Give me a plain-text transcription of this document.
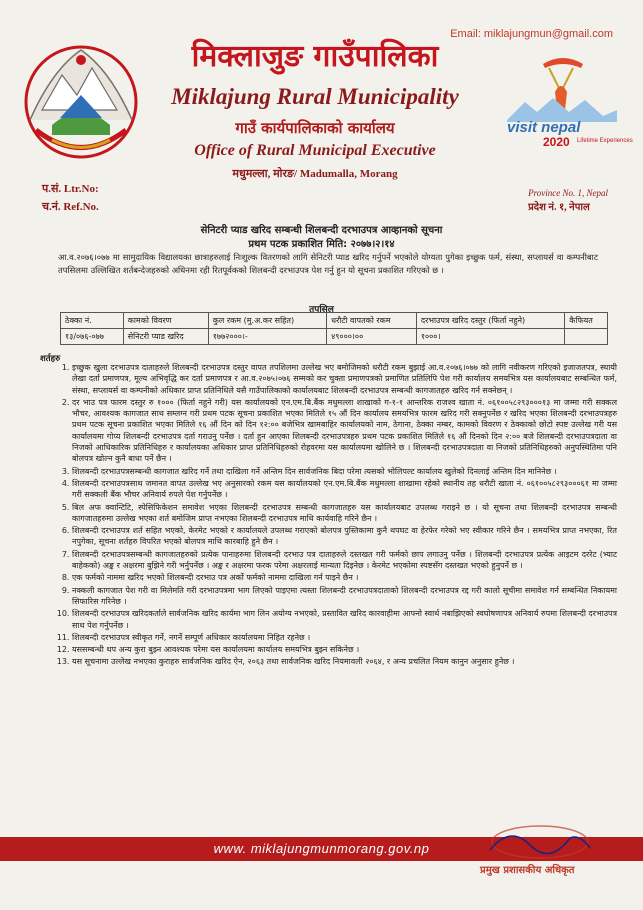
Email: miklajungmun@gmail.com
मिक्लाजुङ गाउँपालिका
Miklajung Rural Municipality
गाउँ कार्यपालिकाको कार्यालय
Office of Rural Municipal Executive
मधुमल्ला, मोरङ/ Madumalla, Morang
visit nepal
2020 Lifetime Experiences
प.सं. Ltr.No:
च.नं. Ref.No.
Province No. 1, Nepal
प्रदेश नं. १, नेपाल
सेनिटरी प्याड खरिद सम्बन्धी शिलबन्दी दरभाउपत्र आव्हानको सूचना
प्रथम पटक प्रकाशित मिति: २०७७।२।१४
आ.व.२०७६।०७७ मा सामुदायिक विद्यालयका छात्राहरुलाई निःशुल्क वितरणको लागि सेनिटरी प्याड खरिद गर्नुपर्ने भएकोले योग्यता पुगेका इच्छुक फर्म, संस्था, सप्लायर्स वा कम्पनीबाट तपसिलमा उल्लिखित शर्तबन्देजहरुको अधिनमा रही रितपूर्वकको शिलबन्दी दरभाउपत्र पेश गर्नु हुन यो सूचना प्रकाशित गरिएको छ ।
तपसिल
ठेक्का नं.	कामको विवरण	कुल रकम (मु.अ.कर सहित)	धरौटी वापतको रकम	दरभाउपत्र खरिद दस्तुर (फिर्ता नहुने)	कैफियत
१३/०७६-०७७	सेनिटरी प्याड खरिद	१७७२०००।-	४९०००।००	१०००।	
शर्तहरु
1. इच्छुक खुला दरभाउपत्र दाताहरुले शिलबन्दी दरभाउपत्र दस्तुर वापत तपशिलमा उल्लेख भए बमोजिमको धरौटी रकम बुझाई आ.व.२०७६।०७७ को लागि नवीकरण गरिएको इजाजतपत्र, स्थायी लेखा दर्ता प्रमाणपत्र, मूल्य अभिवृद्धि कर दर्ता प्रमाणपत्र र आ.व.२०७५।०७६ सम्मको कर चुक्ता प्रमाणपत्रको प्रमाणित प्रतिलिपि पेश गरी कार्यालय समयभित्र यस कार्यालयबाट सम्बन्धित फर्म, संस्था, सप्लायर्स वा कम्पनीको अधिकार प्राप्त प्रतिनिधिले यसै गाउँपालिकाको कार्यालयबाट शिलबन्दी दरभाउपत्र सम्बन्धी कागजातहरु खरिद गर्न सक्नेछन् ।
2. दर भाउ पत्र फारम दस्तुर रु १००० (फिर्ता नहुने गरी) यस कार्यालयको एन.एम.बि.बैंक मधुमल्ला शाखाको ग-१-१ आन्तरिक राजश्व खाता नं. ०६१००५८२९३०००१३ मा जम्मा गरी सक्कल भौचर, आवश्यक कागजात साथ सम्लग्न गरी प्रथम पटक सूचना प्रकाशित भएका मितिले १५ औं दिन कार्यालय समयभित्र फारम खरिद गरी सक्नुपर्नेछ र खरिद भएका शिलबन्दी दरभाउपत्रहरु प्रथम पटक सूचना प्रकाशित भएका मितिले १६ औं दिन को दिन १२:०० बजेभित्र खामबाहिर कार्यालयको नाम, ठेगाना, ठेक्का नम्बर, कामको विवरण र ठेक्काको छोटो स्पष्ट उल्लेख गरी यस कार्यालयमा गोप्य शिलबन्दी दरभाउपत्र दर्ता गराउनु पर्नेछ । दर्ता हुन आएका शिलबन्दी दरभाउपत्रहरु प्रथम पटक प्रकाशित मितिले १६ औं दिनको दिन २:०० बजे शिलबन्दी दरभाउपत्रदाता वा निजको आधिकारिक प्रतिनिधिहरु र कार्यालयका अधिकार प्राप्त प्रतिनिधिहरुको रोहवरमा यस कार्यालयमा खोलिने छ । शिलबन्दी दरभाउपत्रदाता वा निजको प्रतिनिधिहरुको अनुपस्थितिमा पनि बोलपत्र खोल्न कुनै बाधा पर्ने छैन ।
3. शिलबन्दी दरभाउपत्रसम्बन्धी कागजात खरिद गर्ने तथा दाखिला गर्ने अन्तिम दिन सार्वजनिक बिदा परेमा त्यसको भोलिपल्ट कार्यालय खुलेको दिनलाई अन्तिम दिन मानिनेछ ।
4. शिलबन्दी दरभाउपत्रसाथ जमानत वापत उल्लेख भए अनुसारको रकम यस कार्यालयको एन.एम.बि.बैंक मधुमल्ला शाखामा रहेको स्थानीय तह धरौटी खाता नं. ०६१००५८२९३०००६१ मा जम्मा गरी सक्कली बैंक भौचर अनिवार्य रुपले पेश गर्नुपर्नेछ ।
5. बिल अफ क्वान्टिटि, स्पेसिफिकेशन समावेश भएका शिलबन्दी दरभाउपत्र सम्बन्धी कागजातहरु यस कार्यालयबाट उपलब्ध गराइने छ । यो सूचना तथा शिलबन्दी दरभाउपत्र सम्बन्धी कागजातहरुमा उल्लेख भएका शर्त बमोजिम प्राप्त नभएका शिलबन्दी दरभाउपत्र माथि कार्यवाहि गरिने छैन ।
6. शिलबन्दी दरभाउपत्र शर्त सहित भएको, केरमेट भएको र कार्यालयले उपलब्ध गराएको बोलपत्र पुस्तिकामा कुनै थपघट वा हेरफेर गरेको भए स्वीकार गरिने छैन । समयभित्र प्राप्त नभएका, रित नपुगेका, सूचना शर्तहरु विपरित भएको बोलपत्र माथि कारबाहि हुने छैन ।
7. शिलबन्दी दरभाउपत्रसम्बन्धी कागजातहरुको प्रत्येक पानाहरुमा शिलबन्दी दरभाउ पत्र दाताहरुले दस्तखत गरी फर्मको छाप लगाउनु पर्नेछ । शिलबन्दी दरभाउपत्र प्रत्येक आइटम दररेट (भ्याट बाहेकको) अङ्क र अक्षरमा बुझिने गरी भर्नुपर्नेछ । अङ्क र अक्षरमा फरक परेमा अक्षरलाई मान्यता दिइनेछ । केरमेट भएकोमा स्पष्टसँग दस्तखत भएको हुनुपर्ने छ ।
8. एक फर्मको नाममा खरिद भएको शिलबन्दी दरभाउ पत्र अर्को फर्मको नाममा दाखिला गर्न पाइने छैन ।
9. नक्कली कागजात पेश गरी वा मिलेमति गरी दरभाउपत्रमा भाग लिएको पाइएमा त्यस्ता शिलबन्दी दरभाउपत्रदाताको शिलबन्दी दरभाउपत्र रद्द गरी कालो सूचीमा समावेश गर्न सम्बन्धित निकायमा सिफारिस गरिनेछ ।
10. शिलबन्दी दरभाउपत्र खरिदकर्ताले सार्वजनिक खरिद कार्यमा भाग लिन अयोग्य नभएको, प्रस्तावित खरिद कारवाहीमा आफ्नो स्वार्थ नबाझिएको स्वघोषणापत्र अनिवार्य रुपमा शिलबन्दी दरभाउपत्र साथ पेश गर्नुपर्नेछ ।
11. शिलबन्दी दरभाउपत्र स्वीकृत गर्ने, नगर्ने सम्पूर्ण अधिकार कार्यालयमा निहित रहनेछ ।
12. यससम्बन्धी थप अन्य कुरा बुझ्न आवश्यक परेमा यस कार्यालयमा कार्यालय समयभित्र बुझ्न सकिनेछ ।
13. यस सूचनामा उल्लेख नभएका कुराहरु सार्वजनिक खरिद ऐन, २०६३ तथा सार्वजनिक खरिद नियमावली २०६४, र अन्य प्रचलित नियम कानुन अनुसार हुनेछ ।
www. miklajungmunmorang.gov.np
प्रमुख प्रशासकीय अधिकृत
